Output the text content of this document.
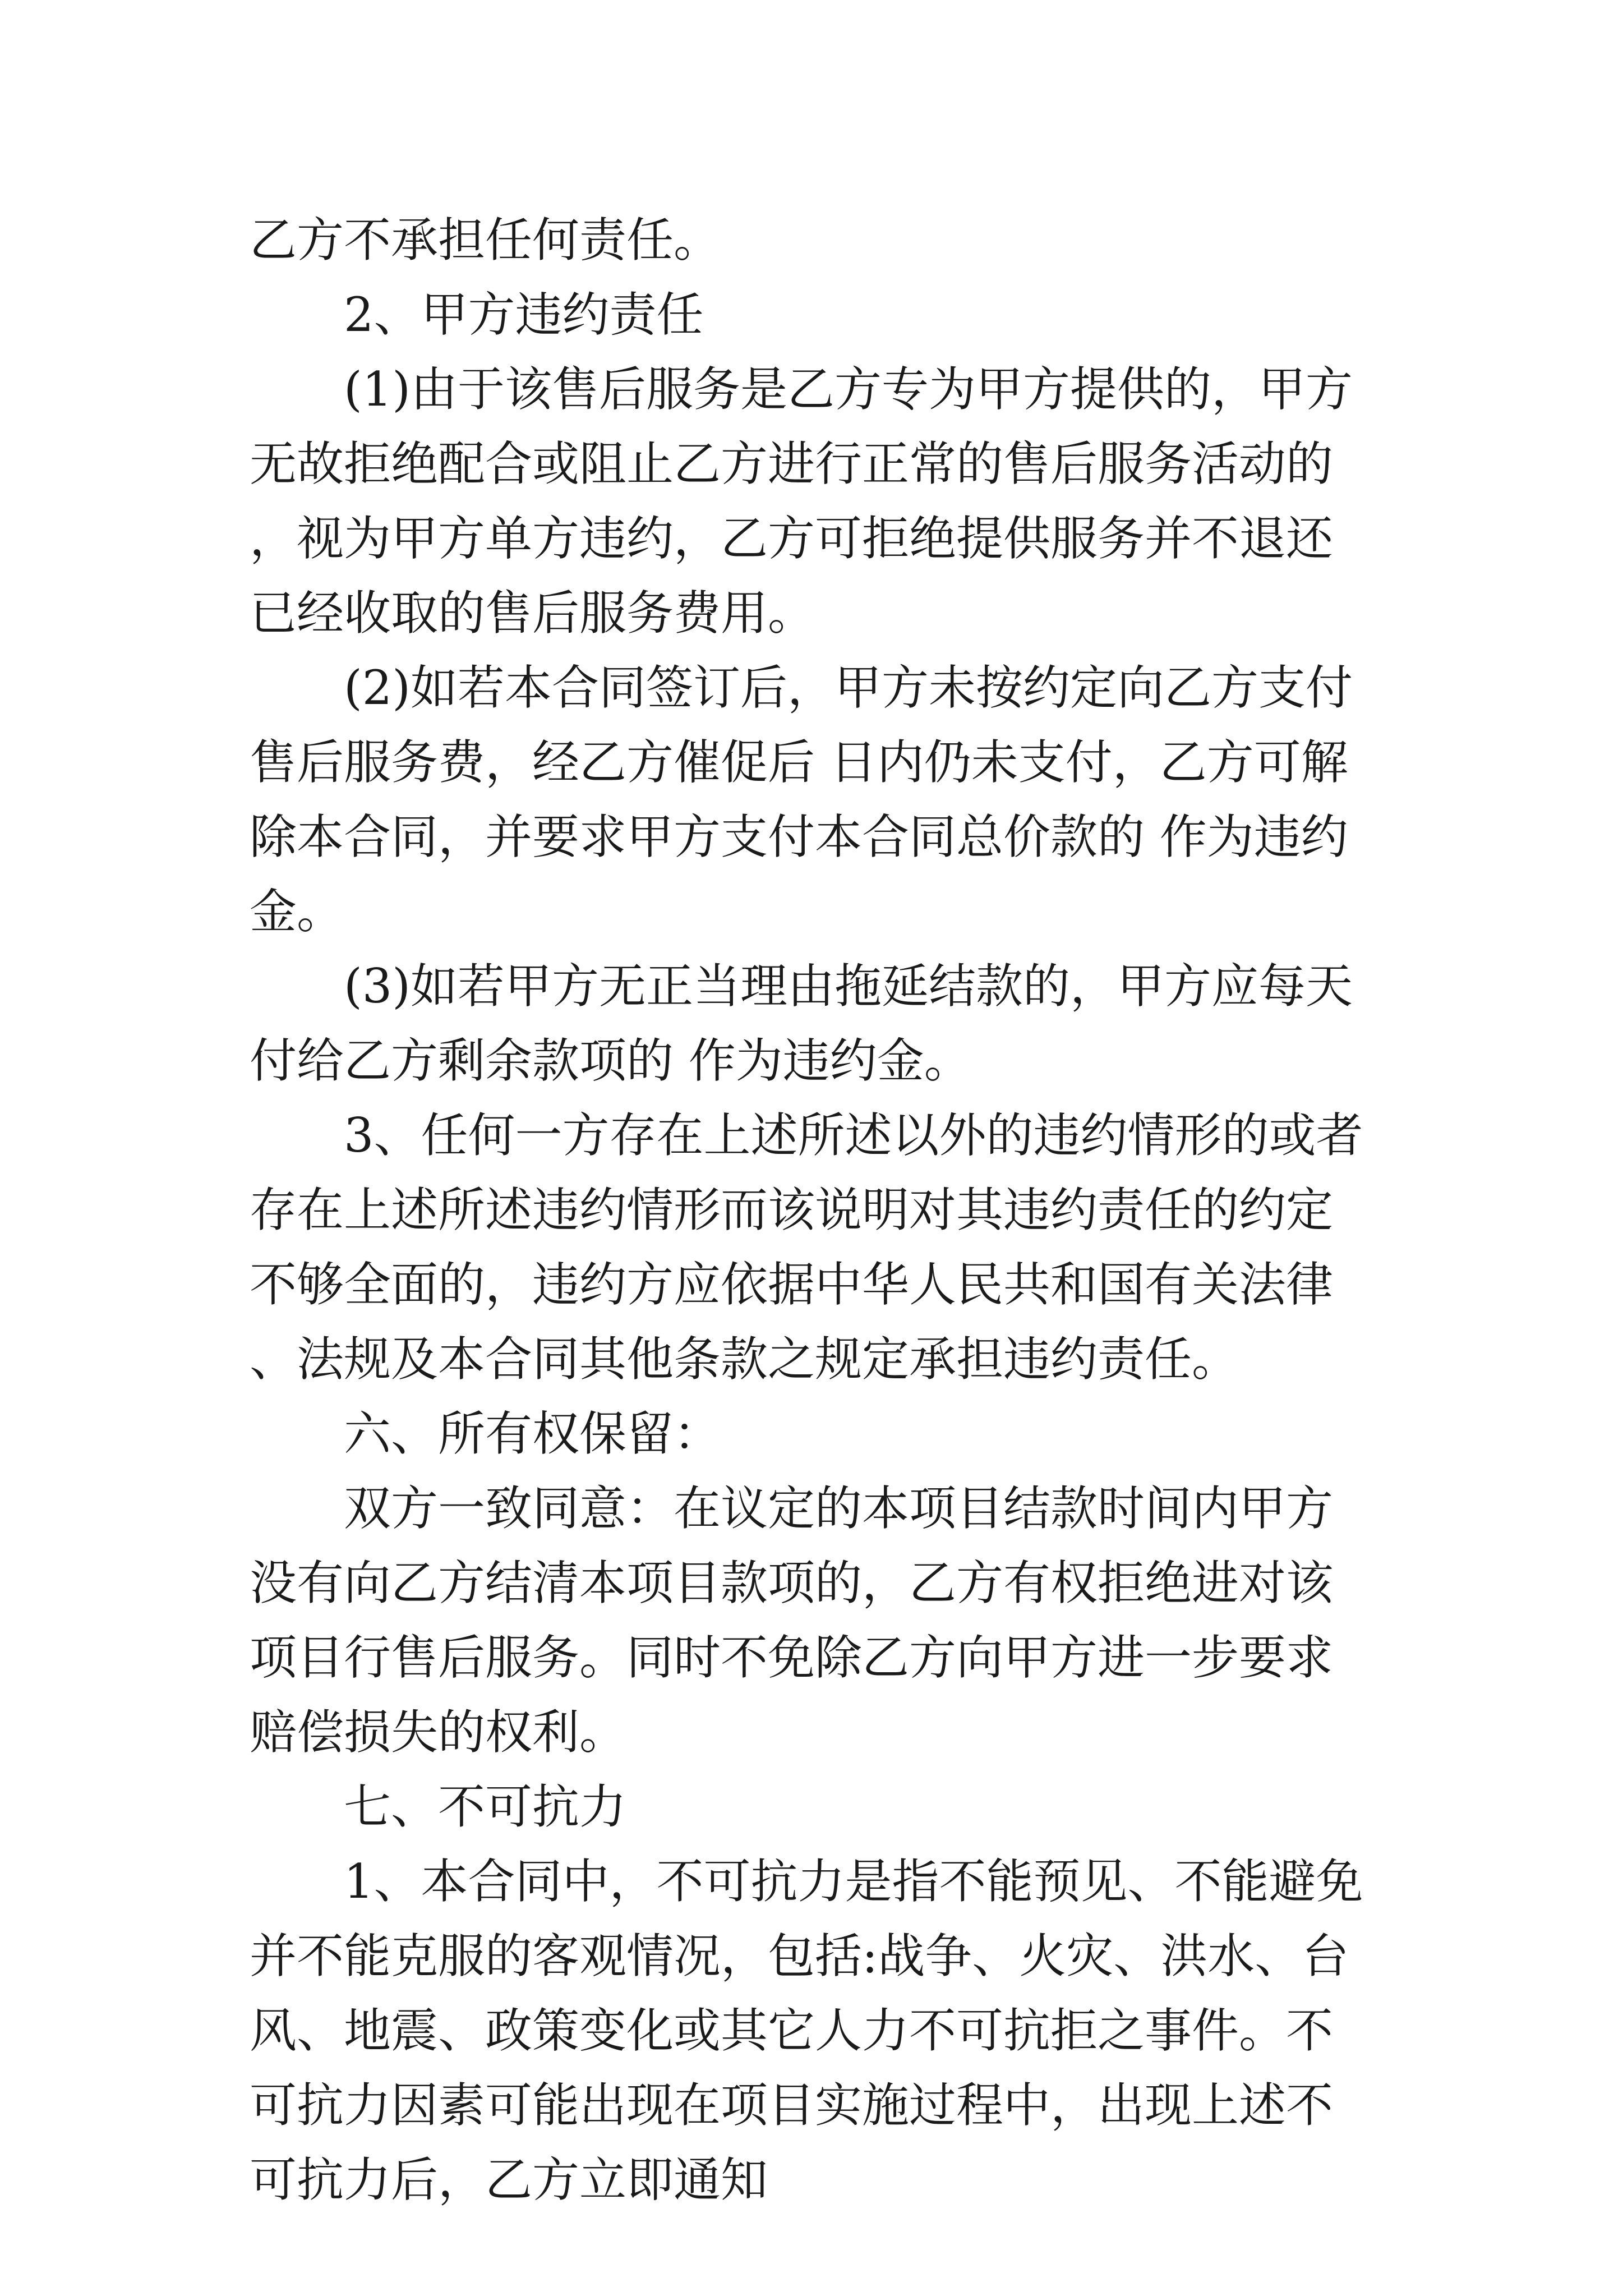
乙方不承担任何责任。

2、甲方违约责任

(1)由于该售后服务是乙方专为甲方提供的，甲方无故拒绝配合或阻止乙方进行正常的售后服务活动的，视为甲方单方违约，乙方可拒绝提供服务并不退还已经收取的售后服务费用。

(2)如若本合同签订后，甲方未按约定向乙方支付售后服务费，经乙方催促后 日内仍未支付，乙方可解除本合同，并要求甲方支付本合同总价款的 作为违约金。

(3)如若甲方无正当理由拖延结款的，甲方应每天付给乙方剩余款项的 作为违约金。

3、任何一方存在上述所述以外的违约情形的或者存在上述所述违约情形而该说明对其违约责任的约定不够全面的，违约方应依据中华人民共和国有关法律、法规及本合同其他条款之规定承担违约责任。

六、所有权保留：

双方一致同意：在议定的本项目结款时间内甲方没有向乙方结清本项目款项的，乙方有权拒绝进对该项目行售后服务。同时不免除乙方向甲方进一步要求赔偿损失的权利。

七、不可抗力

1、本合同中，不可抗力是指不能预见、不能避免并不能克服的客观情况，包括:战争、火灾、洪水、台风、地震、政策变化或其它人力不可抗拒之事件。不可抗力因素可能出现在项目实施过程中，出现上述不可抗力后，乙方立即通知
